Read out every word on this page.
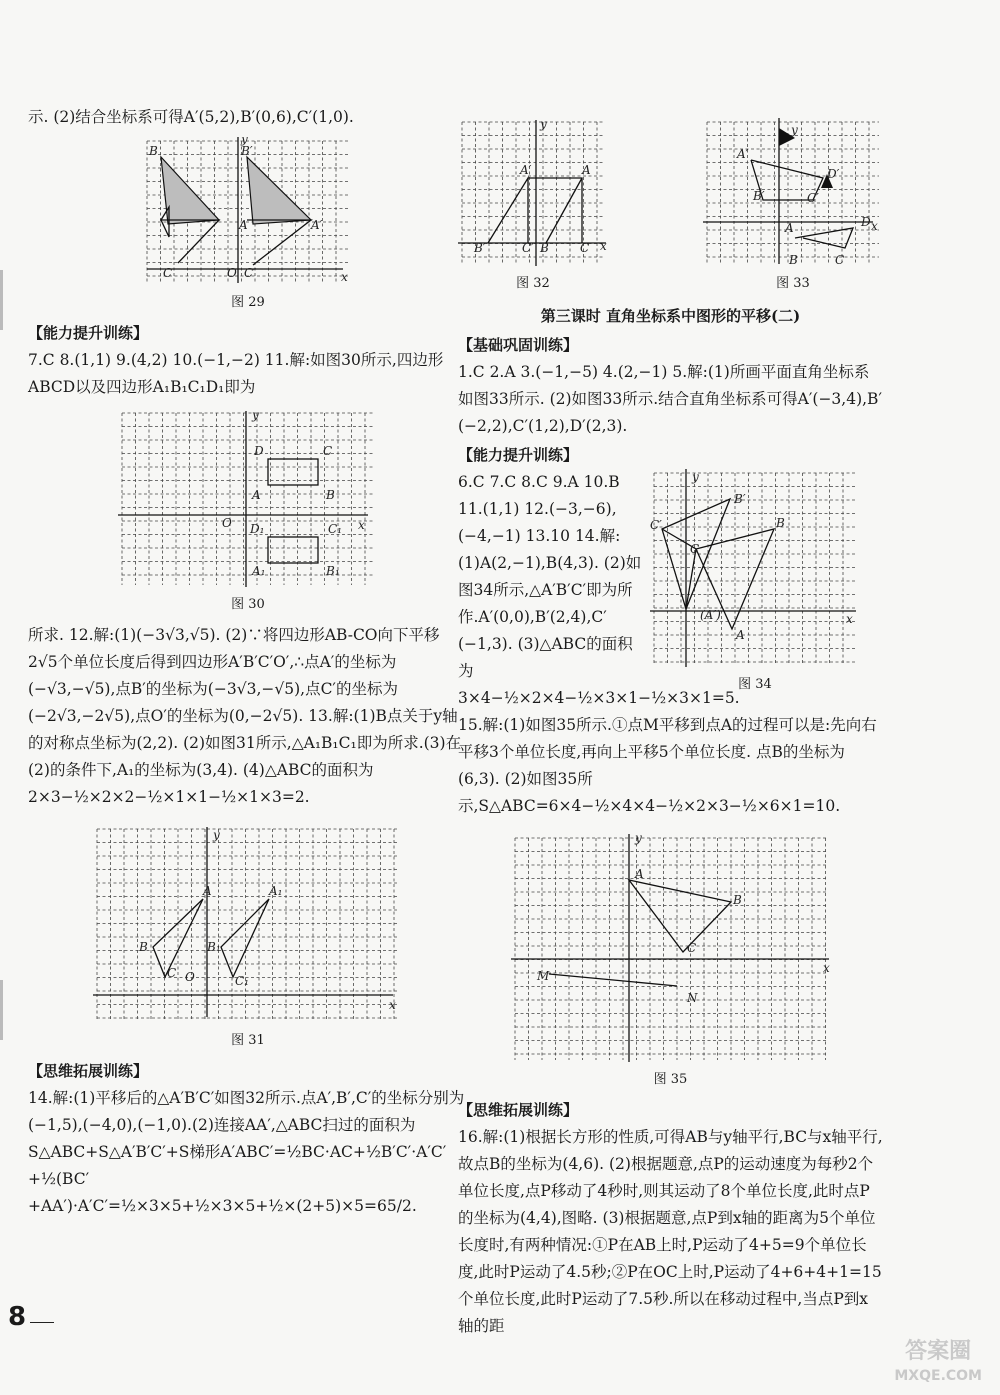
示. (2)结合坐标系可得A′(5,2),B′(0,6),C′(1,0).

B	B′
A	A′
C	O C′
y
x
图 29

【能力提升训练】

7.C 8.(1,1) 9.(4,2) 10.(−1,−2) 11.解:如图30所示,四边形ABCD以及四边形A₁B₁C₁D₁即为

D	C
A	B
O D₁	C₁
A₁	B₁
y
x
图 30

所求. 12.解:(1)(−3√3,√5). (2)∵将四边形AB-CO向下平移2√5个单位长度后得到四边形A′B′C′O′,∴点A′的坐标为(−√3,−√5),点B′的坐标为(−3√3,−√5),点C′的坐标为(−2√3,−2√5),点O′的坐标为(0,−2√5). 13.解:(1)B点关于y轴的对称点坐标为(2,2). (2)如图31所示,△A₁B₁C₁即为所求.(3)在(2)的条件下,A₁的坐标为(3,4). (4)△ABC的面积为2×3−½×2×2−½×1×1−½×1×3=2.

A	A₁
B	B₁
C
C₁
O
y
x
图 31

【思维拓展训练】

14.解:(1)平移后的△A′B′C′如图32所示.点A′,B′,C′的坐标分别为(−1,5),(−4,0),(−1,0).(2)连接AA′,△ABC扫过的面积为S△ABC+S△A′B′C′+S梯形A′ABC′=½BC·AC+½B′C′·A′C′+½(BC′+AA′)·A′C′=½×3×5+½×3×5+½×(2+5)×5=65/2.

A′	A
B′	C′ B	C
y
x
图 32
A′
D′
B′	C′
A	D
B	C
y
x
图 33

第三课时 直角坐标系中图形的平移(二)

【基础巩固训练】

1.C 2.A 3.(−1,−5) 4.(2,−1) 5.解:(1)所画平面直角坐标系如图33所示. (2)如图33所示.结合直角坐标系可得A′(−3,4),B′(−2,2),C′(1,2),D′(2,3).

【能力提升训练】

6.C 7.C 8.C 9.A 10.B 11.(1,1) 12.(−3,−6),(−4,−1) 13.10 14.解:(1)A(2,−1),B(4,3). (2)如图34所示,△A′B′C′即为所作.A′(0,0),B′(2,4),C′(−1,3). (3)△ABC的面积为3×4−½×2×4−½×3×1−½×3×1=5.

B′
B
C′
C
(A′)
A
y
x
图 34

15.解:(1)如图35所示.①点M平移到点A的过程可以是:先向右平移3个单位长度,再向上平移5个单位长度. 点B的坐标为(6,3). (2)如图35所示,S△ABC=6×4−½×4×4−½×2×3−½×6×1=10.

A
B
C
M
N
y
x
图 35

【思维拓展训练】

16.解:(1)根据长方形的性质,可得AB与y轴平行,BC与x轴平行,故点B的坐标为(4,6). (2)根据题意,点P的运动速度为每秒2个单位长度,点P移动了4秒时,则其运动了8个单位长度,此时点P的坐标为(4,4),图略. (3)根据题意,点P到x轴的距离为5个单位长度时,有两种情况:①P在AB上时,P运动了4+5=9个单位长度,此时P运动了4.5秒;②P在OC上时,P运动了4+6+4+1=15个单位长度,此时P运动了7.5秒.所以在移动过程中,当点P到x轴的距

8
答案圈
MXQE.COM
